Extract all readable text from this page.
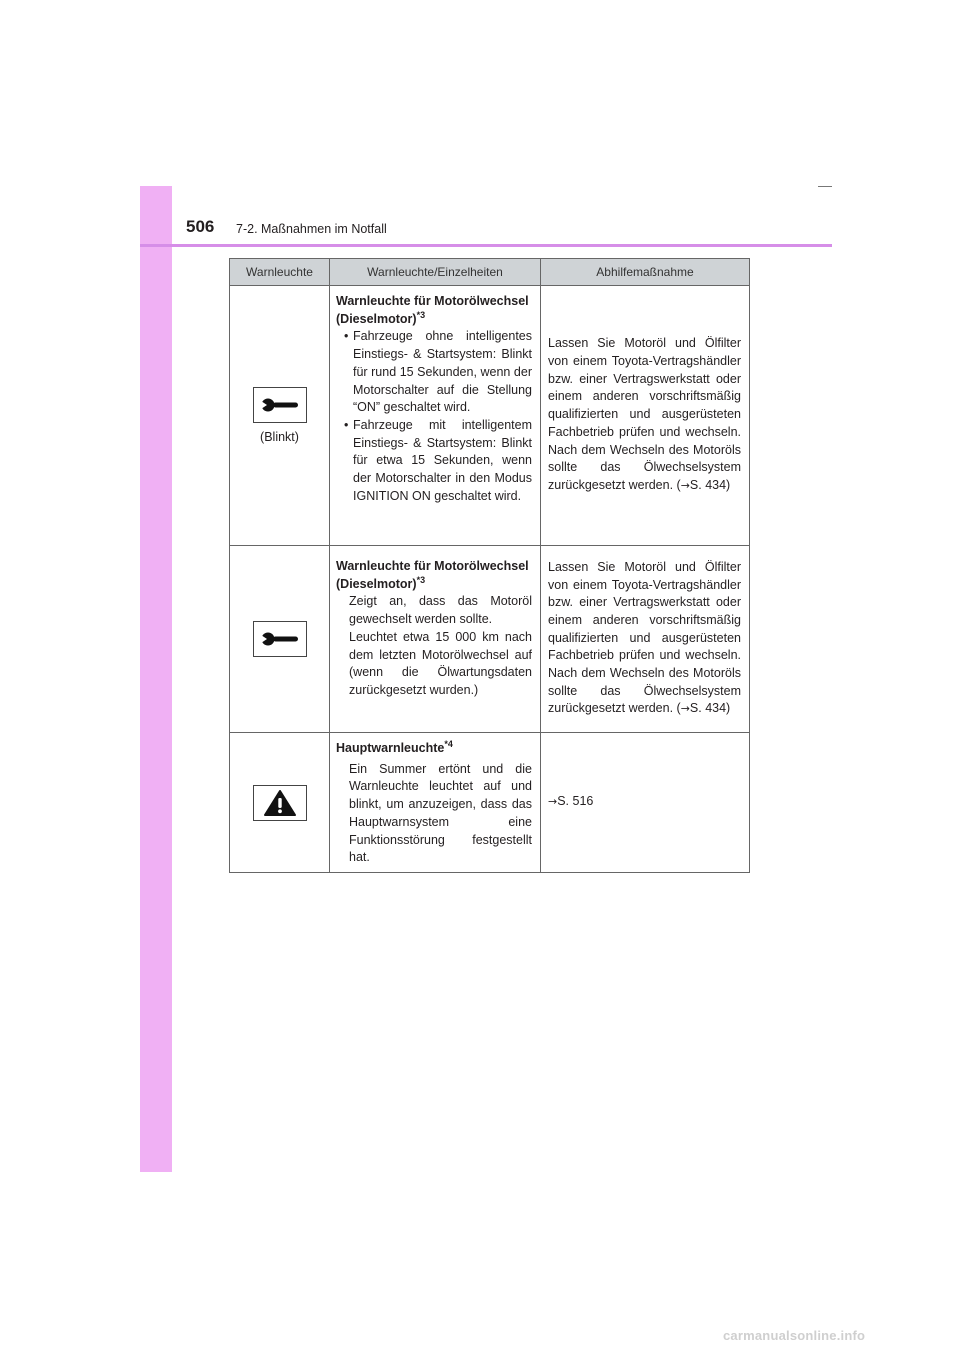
506 7-2. Maßnahmen im Notfall
Warnleuchte	Warnleuchte/Einzelheiten	Abhilfemaßnahme
(Blinkt)
Warnleuchte für Motorölwechsel (Dieselmotor)$^{*3}$
• Fahrzeuge ohne intelligentes Einstiegs- & Startsystem: Blinkt für rund 15 Sekunden, wenn der Motorschalter auf die Stellung “ON” geschaltet wird.
• Fahrzeuge mit intelligentem Einstiegs- & Startsystem: Blinkt für etwa 15 Sekunden, wenn der Motorschalter in den Modus IGNITION ON geschaltet wird.
Lassen Sie Motoröl und Ölfilter von einem Toyota-Vertragshändler bzw. einer Vertragswerkstatt oder einem anderen vorschriftsmäßig qualifizierten und ausgerüsteten Fachbetrieb prüfen und wechseln. Nach dem Wechseln des Motoröls sollte das Ölwechselsystem zurückgesetzt werden. (→S. 434)
Warnleuchte für Motorölwechsel (Dieselmotor)$^{*3}$
Zeigt an, dass das Motoröl gewechselt werden sollte.
Leuchtet etwa 15 000 km nach dem letzten Motorölwechsel auf (wenn die Ölwartungsdaten zurückgesetzt wurden.)
Lassen Sie Motoröl und Ölfilter von einem Toyota-Vertragshändler bzw. einer Vertragswerkstatt oder einem anderen vorschriftsmäßig qualifizierten und ausgerüsteten Fachbetrieb prüfen und wechseln. Nach dem Wechseln des Motoröls sollte das Ölwechselsystem zurückgesetzt werden. (→S. 434)
Hauptwarnleuchte$^{*4}$
Ein Summer ertönt und die Warnleuchte leuchtet auf und blinkt, um anzuzeigen, dass das Hauptwarnsystem eine Funktionsstörung festgestellt hat.
→S. 516
carmanualsonline.info
